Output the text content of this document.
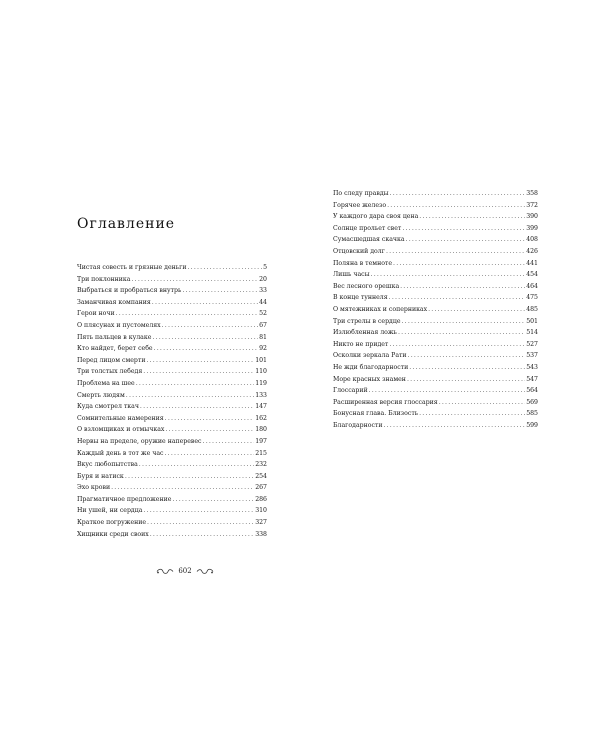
Оглавление
Чистая совесть и грязные деньги .....	5
Три поклонника .....	20
Выбраться и пробраться внутрь .....	33
Заманчивая компания .....	44
Герои ночи .....	52
О плясунах и пустомелях .....	67
Пять пальцев в кулаке .....	81
Кто найдет, берет себе .....	92
Перед лицом смерти .....	101
Три толстых лебедя .....	110
Проблема на шее .....	119
Смерть людям .....	133
Куда смотрел ткач .....	147
Сомнительные намерения .....	162
О взломщиках и отмычках .....	180
Нервы на пределе, оружие наперевес .....	197
Каждый день в тот же час .....	215
Вкус любопытства .....	232
Буря и натиск .....	254
Эхо крови .....	267
Прагматичное предложение .....	286
Ни ушей, ни сердца .....	310
Краткое погружение .....	327
Хищники среди своих .....	338
По следу правды .....	358
Горячее железо .....	372
У каждого дара своя цена .....	390
Солнце прольет свет .....	399
Сумасшедшая скачка .....	408
Отцовский долг .....	426
Поляна в темноте .....	441
Лишь часы .....	454
Вес лесного орешка .....	464
В конце туннеля .....	475
О мятежниках и соперниках .....	485
Три стрелы в сердце .....	501
Излюбленная ложь .....	514
Никто не придет .....	527
Осколки зеркала Рати .....	537
Не жди благодарности .....	543
Море красных знамен .....	547
Глоссарий .....	564
Расширенная версия глоссария .....	569
Бонусная глава. Близость .....	585
Благодарности .....	599
602
